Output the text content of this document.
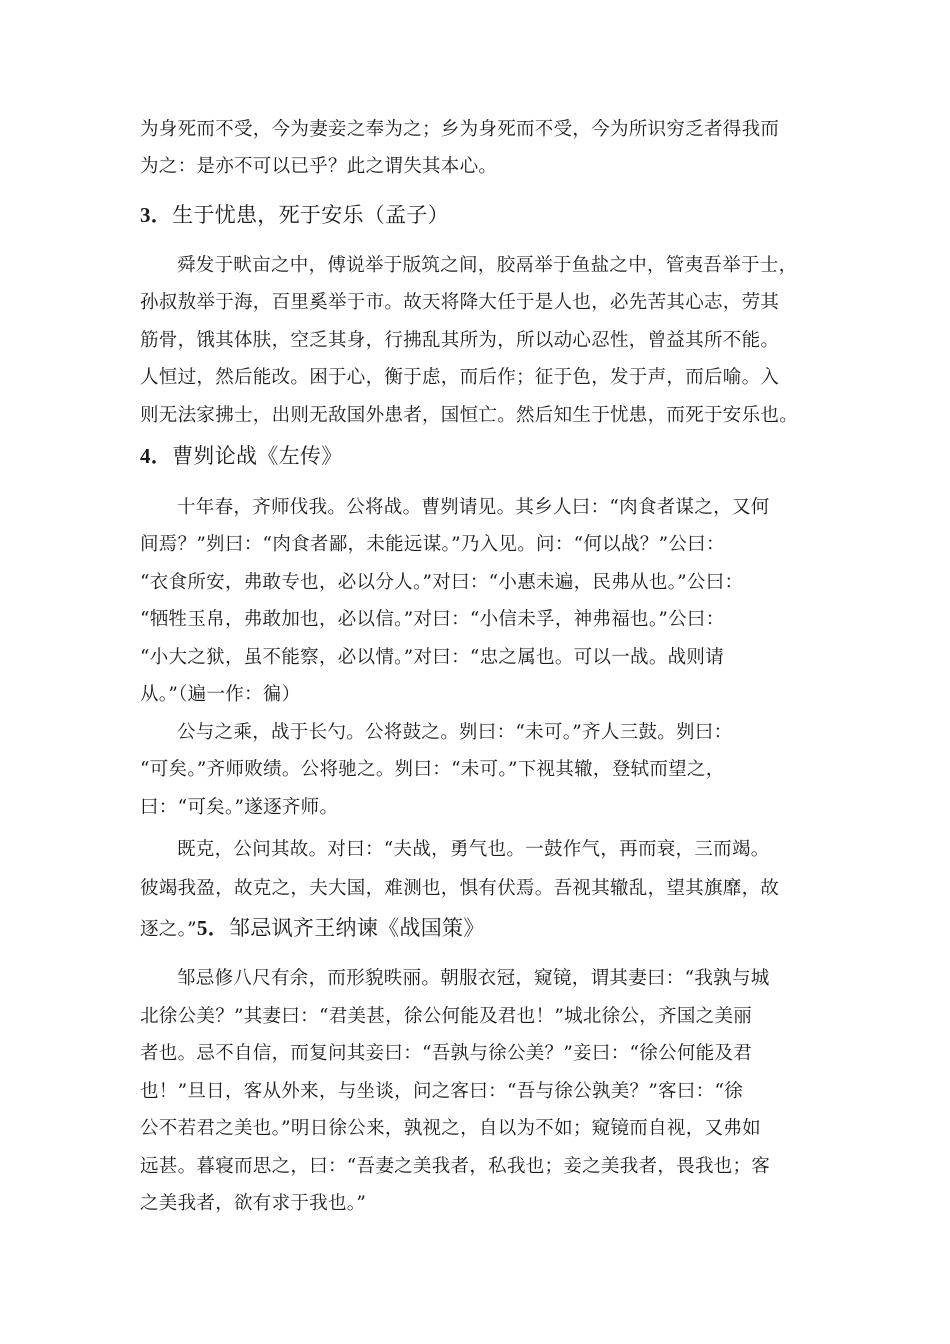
为身死而不受，今为妻妾之奉为之；乡为身死而不受，今为所识穷乏者得我而
为之：是亦不可以已乎？此之谓失其本心。
3．生于忧患，死于安乐（孟子）
舜发于畎亩之中，傅说举于版筑之间，胶鬲举于鱼盐之中，管夷吾举于士，
孙叔敖举于海，百里奚举于市。故天将降大任于是人也，必先苦其心志，劳其
筋骨，饿其体肤，空乏其身，行拂乱其所为，所以动心忍性，曾益其所不能。
人恒过，然后能改。困于心，衡于虑，而后作；征于色，发于声，而后喻。入
则无法家拂士，出则无敌国外患者，国恒亡。然后知生于忧患，而死于安乐也。
4．曹刿论战《左传》
十年春，齐师伐我。公将战。曹刿请见。其乡人曰：“肉食者谋之，又何
间焉？”刿曰：“肉食者鄙，未能远谋。”乃入见。问：“何以战？”公曰：
“衣食所安，弗敢专也，必以分人。”对曰：“小惠未遍，民弗从也。”公曰：
“牺牲玉帛，弗敢加也，必以信。”对曰：“小信未孚，神弗福也。”公曰：
“小大之狱，虽不能察，必以情。”对曰：“忠之属也。可以一战。战则请
从。”（遍一作：徧）
公与之乘，战于长勺。公将鼓之。刿曰：“未可。”齐人三鼓。刿曰：
“可矣。”齐师败绩。公将驰之。刿曰：“未可。”下视其辙，登轼而望之，
曰：“可矣。”遂逐齐师。
既克，公问其故。对曰：“夫战，勇气也。一鼓作气，再而衰，三而竭。
彼竭我盈，故克之，夫大国，难测也，惧有伏焉。吾视其辙乱，望其旗靡，故
逐之。”5．邹忌讽齐王纳谏《战国策》
邹忌修八尺有余，而形貌昳丽。朝服衣冠，窥镜，谓其妻曰：“我孰与城
北徐公美？”其妻曰：“君美甚，徐公何能及君也！”城北徐公，齐国之美丽
者也。忌不自信，而复问其妾曰：“吾孰与徐公美？”妾曰：“徐公何能及君
也！”旦日，客从外来，与坐谈，问之客曰：“吾与徐公孰美？”客曰：“徐
公不若君之美也。”明日徐公来，孰视之，自以为不如；窥镜而自视，又弗如
远甚。暮寝而思之，曰：“吾妻之美我者，私我也；妾之美我者，畏我也；客
之美我者，欲有求于我也。”
